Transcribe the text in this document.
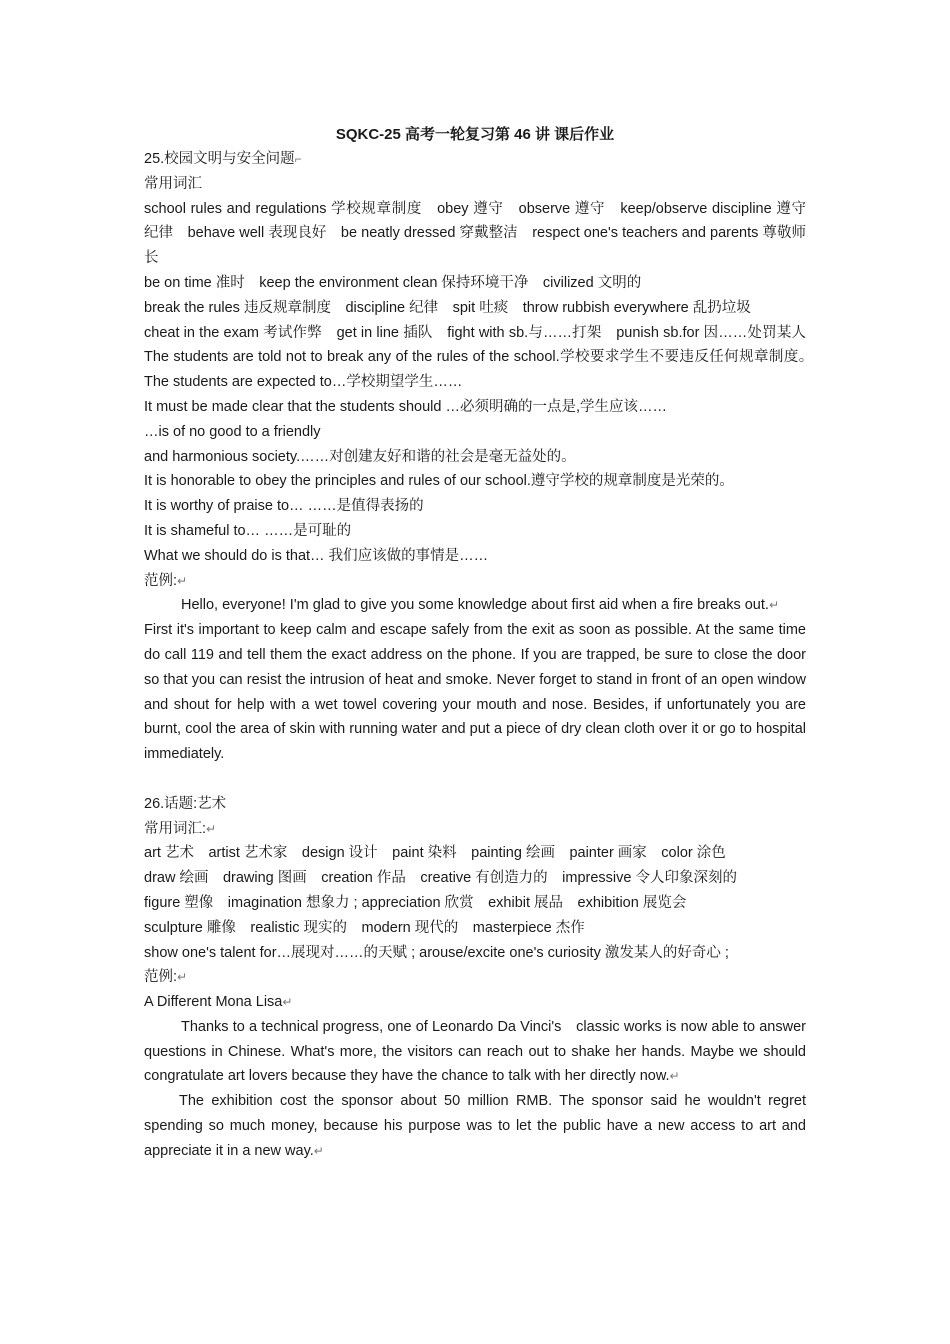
SQKC-25 高考一轮复习第 46 讲 课后作业

25.校园文明与安全问题⌐

常用词汇

school rules and regulations 学校规章制度　obey 遵守　observe 遵守　keep/observe discipline 遵守纪律　behave well 表现良好　be neatly dressed 穿戴整洁　respect one's teachers and parents 尊敬师长

be on time 准时　keep the environment clean 保持环境干净　civilized 文明的

break the rules 违反规章制度　discipline 纪律　spit 吐痰　throw rubbish everywhere 乱扔垃圾

cheat in the exam 考试作弊　get in line 插队　fight with sb.与……打架　punish sb.for 因……处罚某人　The students are told not to break any of the rules of the school.学校要求学生不要违反任何规章制度。　The students are expected to…学校期望学生……

It must be made clear that the students should …必须明确的一点是,学生应该……

…is of no good to a friendly

and harmonious society.……对创建友好和谐的社会是毫无益处的。

It is honorable to obey the principles and rules of our school.遵守学校的规章制度是光荣的。

It is worthy of praise to… ……是值得表扬的

It is shameful to… ……是可耻的

What we should do is that… 我们应该做的事情是……

范例:↵

Hello, everyone! I'm glad to give you some knowledge about first aid when a fire breaks out.↵

First it's important to keep calm and escape safely from the exit as soon as possible. At the same time do call 119 and tell them the exact address on the phone. If you are trapped, be sure to close the door so that you can resist the intrusion of heat and smoke. Never forget to stand in front of an open window and shout for help with a wet towel covering your mouth and nose. Besides, if unfortunately you are burnt, cool the area of skin with running water and put a piece of dry clean cloth over it or go to hospital immediately.

26.话题:艺术

常用词汇:↵

art 艺术　artist 艺术家　design 设计　paint 染料　painting 绘画　painter 画家　color 涂色

draw 绘画　drawing 图画　creation 作品　creative 有创造力的　impressive 令人印象深刻的

figure 塑像　imagination 想象力 ; appreciation 欣赏　exhibit 展品　exhibition 展览会

sculpture 雕像　realistic 现实的　modern 现代的　masterpiece 杰作

show one's talent for…展现对……的天赋 ; arouse/excite one's curiosity 激发某人的好奇心 ;

范例:↵

A Different Mona Lisa↵

Thanks to a technical progress, one of Leonardo Da Vinci's　classic works is now able to answer questions in Chinese. What's more, the visitors can reach out to shake her hands. Maybe we should congratulate art lovers because they have the chance to talk with her directly now.↵

The exhibition cost the sponsor about 50 million RMB. The sponsor said he wouldn't regret spending so much money, because his purpose was to let the public have a new access to art and appreciate it in a new way.↵
